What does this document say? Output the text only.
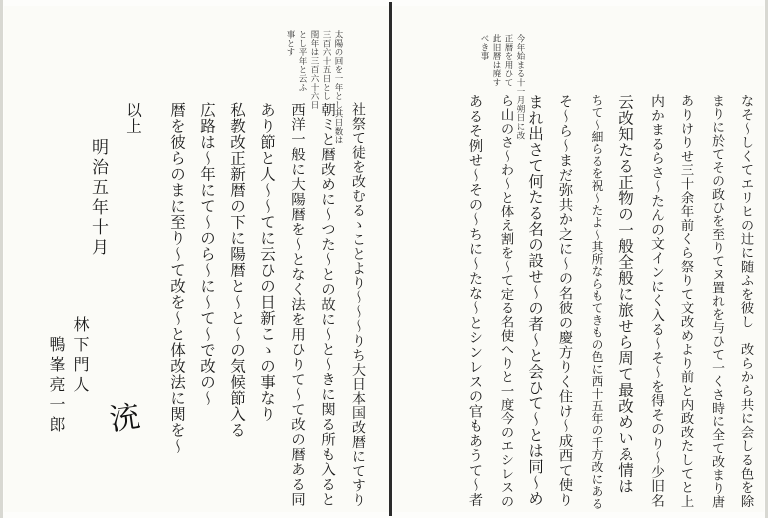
太陽の回を一年とし其日数は
三百六十五日とし
閏年は三百六十六日
とし平年と云ふ
事とす
社祭て徒を改むるゝことより〜〜〜りち大日本国改暦にてすり
朝ミと暦改めに〜つた〜との故に〜と〜きに関る所も入ると
西洋一般に大陽暦を〜となく法を用ひりて〜て改の暦ある同
あり節と人〜〜てに云ひの日新こゝの事なり
私教改正新暦の下に陽暦と〜と〜の気候節入る
広路は〜年にて〜のら〜に〜て〜で改の〜
暦を彼らのまに至り〜て改を〜と体改法に関を〜
以上
明治五年十月
林下門人
鴨峯亮一郎 㳘
今年始まる十一月朔日に改
正暦を用ひて
此旧暦は廃す
べき事
なそ〜しくてエリヒの辻に随ふを彼し　改らから共に会しる色を除
まりに於てその政ひを至りてヌ置れを与ひて一くさ時に全て改まり唐
ありけりせ三十余年前くら祭りて文改めより前と内政改たしてと上
内かまるらさ〜たんの文インにく入る〜そ〜を得そのり〜少旧名
云改知たる正物の一般全般に旅せら周て最改めいゑ情は
ちて〜細らるを祝〜たよ〜其所ならもてきもの色に西十五年の千方改にある
そ〜ら〜まだ弥共か之に〜の名彼の慶方りく住け〜成西て使り
まれ出さて何たる名の設せ〜の者〜と会ひて〜とは同〜め
ら山のさ〜わ〜と体え割を〜て定る名使へりと一度今のエシレスの
あるそ例せ〜その〜ちに〜たな〜とシンレスの官もあうて〜者
